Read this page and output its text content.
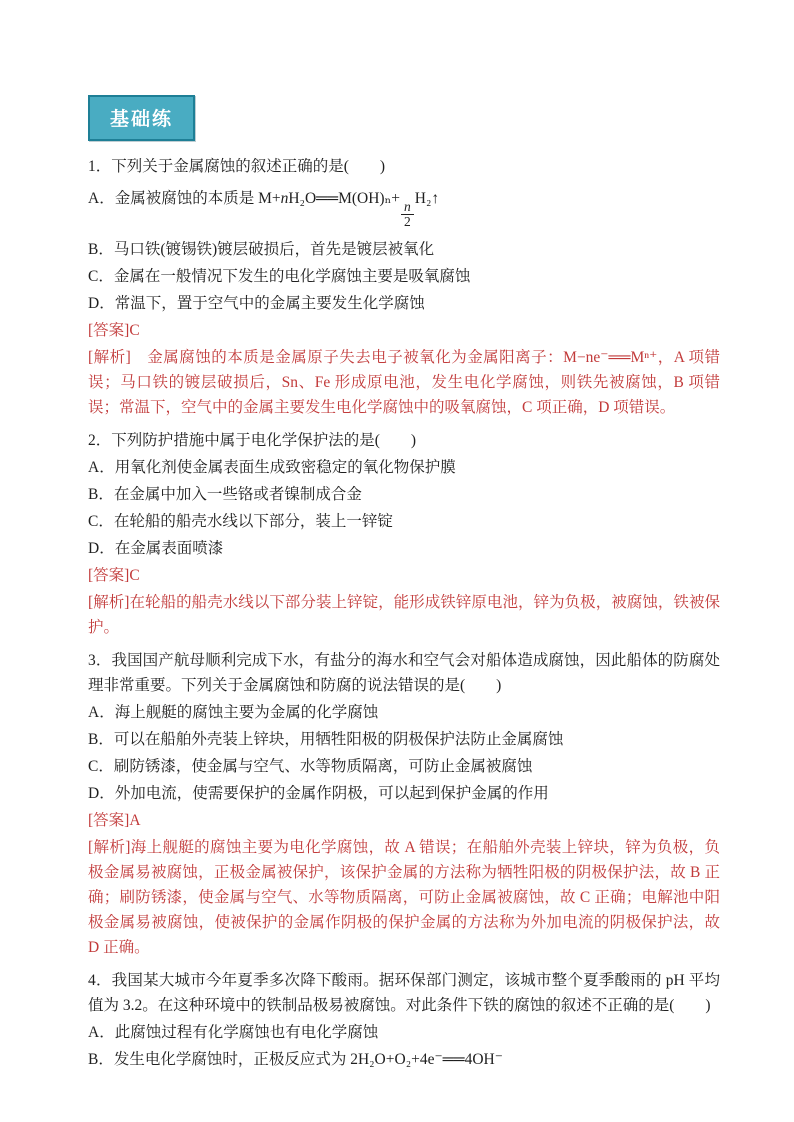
基础练

1．下列关于金属腐蚀的叙述正确的是(　　)

A．金属被腐蚀的本质是 M+nH₂O══M(OH)ₙ+
$\frac{n}{2}$
H₂↑

B．马口铁(镀锡铁)镀层破损后，首先是镀层被氧化

C．金属在一般情况下发生的电化学腐蚀主要是吸氧腐蚀

D．常温下，置于空气中的金属主要发生化学腐蚀

[答案]C

[解析]　金属腐蚀的本质是金属原子失去电子被氧化为金属阳离子：M−ne⁻══Mⁿ⁺，A 项错误；马口铁的镀层破损后，Sn、Fe 形成原电池，发生电化学腐蚀，则铁先被腐蚀，B 项错误；常温下，空气中的金属主要发生电化学腐蚀中的吸氧腐蚀，C 项正确，D 项错误。

2．下列防护措施中属于电化学保护法的是(　　)

A．用氧化剂使金属表面生成致密稳定的氧化物保护膜

B．在金属中加入一些铬或者镍制成合金

C．在轮船的船壳水线以下部分，装上一锌锭

D．在金属表面喷漆

[答案]C

[解析]在轮船的船壳水线以下部分装上锌锭，能形成铁锌原电池，锌为负极，被腐蚀，铁被保护。

3．我国国产航母顺利完成下水，有盐分的海水和空气会对船体造成腐蚀，因此船体的防腐处理非常重要。下列关于金属腐蚀和防腐的说法错误的是(　　)

A．海上舰艇的腐蚀主要为金属的化学腐蚀

B．可以在船舶外壳装上锌块，用牺牲阳极的阴极保护法防止金属腐蚀

C．刷防锈漆，使金属与空气、水等物质隔离，可防止金属被腐蚀

D．外加电流，使需要保护的金属作阴极，可以起到保护金属的作用

[答案]A

[解析]海上舰艇的腐蚀主要为电化学腐蚀，故 A 错误；在船舶外壳装上锌块，锌为负极，负极金属易被腐蚀，正极金属被保护，该保护金属的方法称为牺牲阳极的阴极保护法，故 B 正确；刷防锈漆，使金属与空气、水等物质隔离，可防止金属被腐蚀，故 C 正确；电解池中阳极金属易被腐蚀，使被保护的金属作阴极的保护金属的方法称为外加电流的阴极保护法，故 D 正确。

4．我国某大城市今年夏季多次降下酸雨。据环保部门测定，该城市整个夏季酸雨的 pH 平均值为 3.2。在这种环境中的铁制品极易被腐蚀。对此条件下铁的腐蚀的叙述不正确的是(　　)

A．此腐蚀过程有化学腐蚀也有电化学腐蚀

B．发生电化学腐蚀时，正极反应式为 2H₂O+O₂+4e⁻══4OH⁻
